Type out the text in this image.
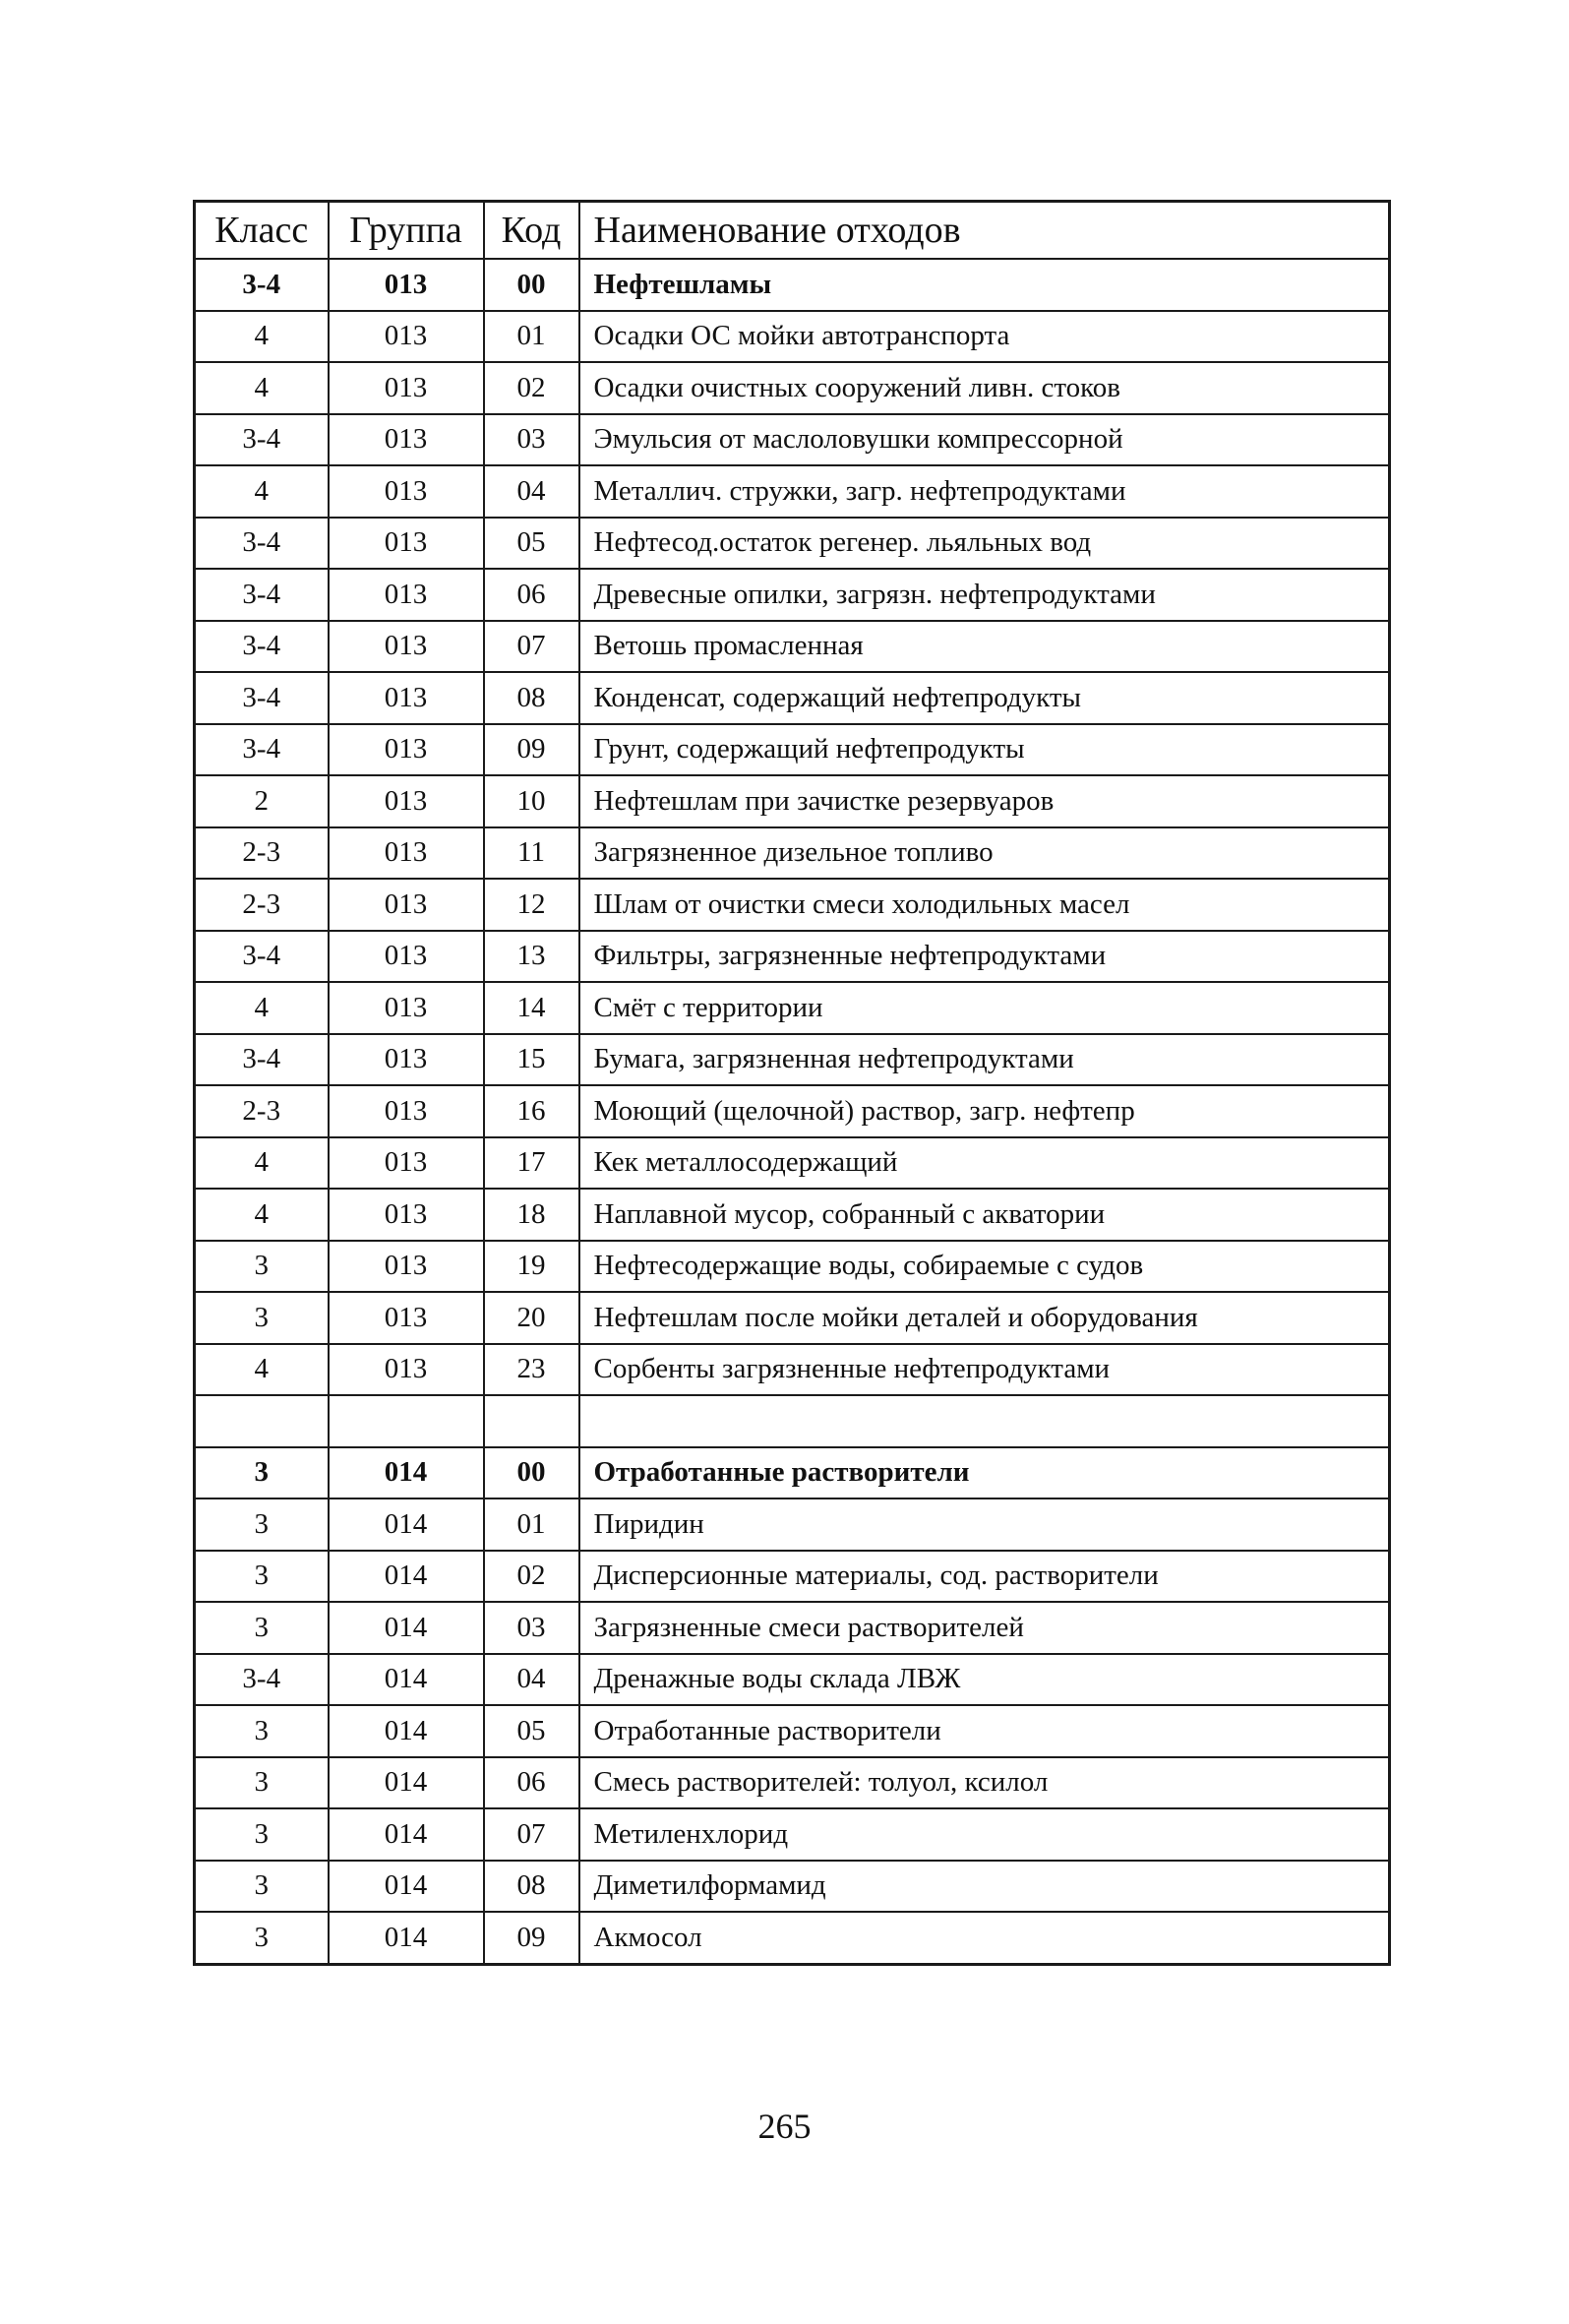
Класс	Группа	Код	Наименование отходов
3-4	013	00	Нефтешламы
4	013	01	Осадки ОС мойки автотранспорта
4	013	02	Осадки очистных сооружений ливн. стоков
3-4	013	03	Эмульсия от маслоловушки компрессорной
4	013	04	Металлич. стружки, загр. нефтепродуктами
3-4	013	05	Нефтесод.остаток регенер. льяльных вод
3-4	013	06	Древесные опилки, загрязн. нефтепродуктами
3-4	013	07	Ветошь промасленная
3-4	013	08	Конденсат, содержащий нефтепродукты
3-4	013	09	Грунт, содержащий нефтепродукты
2	013	10	Нефтешлам при зачистке резервуаров
2-3	013	11	Загрязненное дизельное топливо
2-3	013	12	Шлам от очистки смеси холодильных масел
3-4	013	13	Фильтры, загрязненные нефтепродуктами
4	013	14	Смёт с территории
3-4	013	15	Бумага, загрязненная нефтепродуктами
2-3	013	16	Моющий (щелочной) раствор, загр. нефтепр
4	013	17	Кек металлосодержащий
4	013	18	Наплавной мусор, собранный с акватории
3	013	19	Нефтесодержащие воды, собираемые с судов
3	013	20	Нефтешлам после мойки деталей и оборудования
4	013	23	Сорбенты загрязненные нефтепродуктами

3	014	00	Отработанные растворители
3	014	01	Пиридин
3	014	02	Дисперсионные материалы, сод. растворители
3	014	03	Загрязненные смеси растворителей
3-4	014	04	Дренажные воды склада ЛВЖ
3	014	05	Отработанные растворители
3	014	06	Смесь растворителей: толуол, ксилол
3	014	07	Метиленхлорид
3	014	08	Диметилформамид
3	014	09	Акмосол
265
